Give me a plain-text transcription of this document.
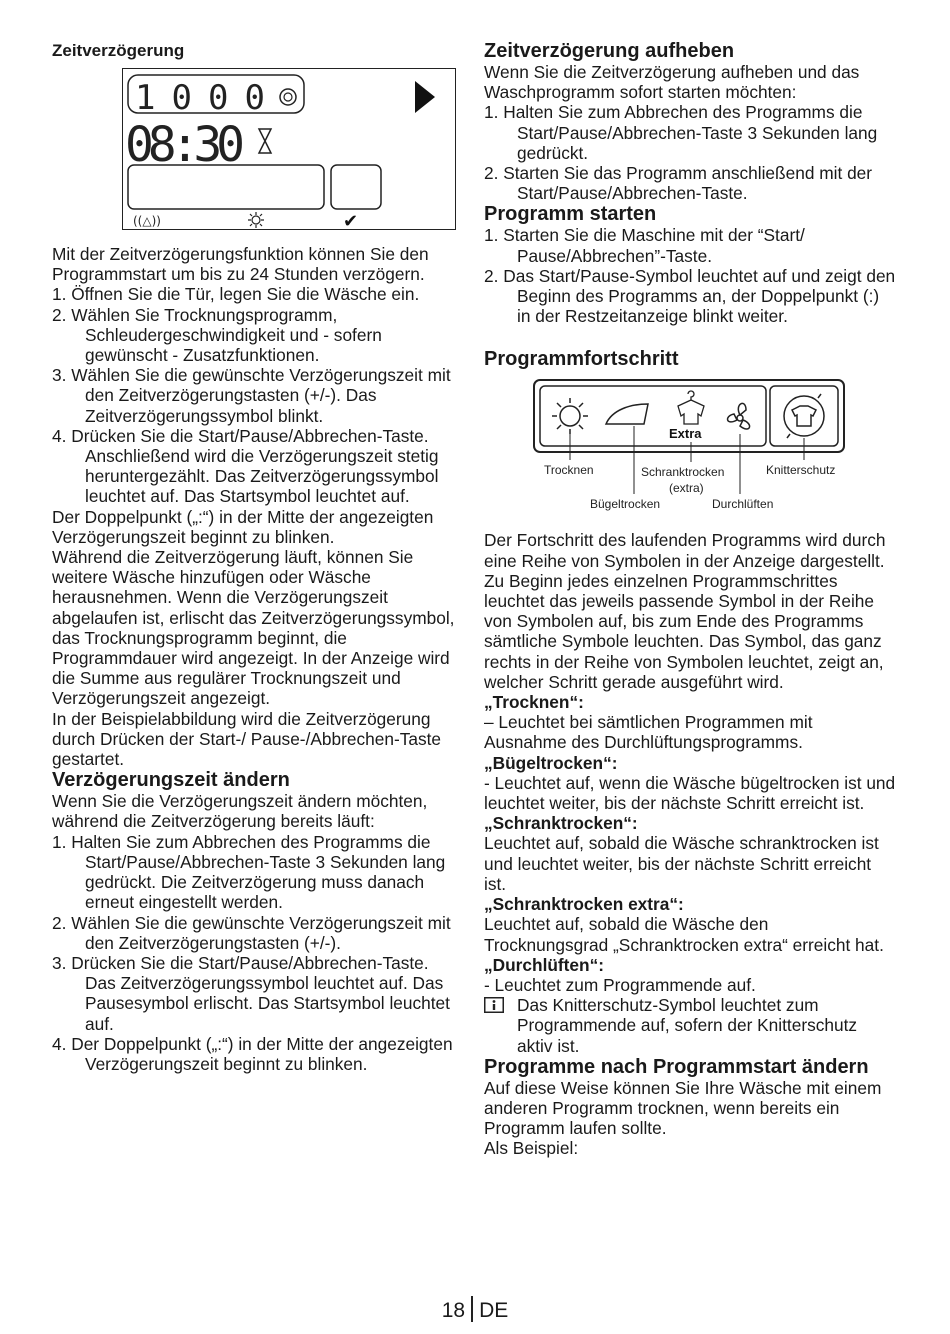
Zeitverzögerung
1000
08:30
((△))	✔

Mit der Zeitverzögerungsfunktion können Sie den Programmstart um bis zu 24 Stunden verzögern.

1. Öffnen Sie die Tür, legen Sie die Wäsche ein.

2. Wählen Sie Trocknungsprogramm, Schleudergeschwindigkeit und - sofern gewünscht - Zusatzfunktionen.

3. Wählen Sie die gewünschte Verzögerungszeit mit den Zeitverzögerungstasten (+/-). Das Zeitverzögerungssymbol blinkt.

4. Drücken Sie die Start/Pause/Abbrechen-Taste. Anschließend wird die Verzögerungszeit stetig heruntergezählt. Das Zeitverzögerungssymbol leuchtet auf. Das Startsymbol leuchtet auf.

Der Doppelpunkt („:“) in der Mitte der angezeigten Verzögerungszeit beginnt zu blinken.

Während die Zeitverzögerung läuft, können Sie weitere Wäsche hinzufügen oder Wäsche herausnehmen. Wenn die Verzögerungszeit abgelaufen ist, erlischt das Zeitverzögerungssymbol, das Trocknungsprogramm beginnt, die Programmdauer wird angezeigt. In der Anzeige wird die Summe aus regulärer Trocknungszeit und Verzögerungszeit angezeigt.

In der Beispielabbildung wird die Zeitverzögerung durch Drücken der Start-/ Pause-/Abbrechen-Taste gestartet.

Verzögerungszeit ändern

Wenn Sie die Verzögerungszeit ändern möchten, während die Zeitverzögerung bereits läuft:

1. Halten Sie zum Abbrechen des Programms die Start/Pause/Abbrechen-Taste 3 Sekunden lang gedrückt. Die Zeitverzögerung muss danach erneut eingestellt werden.

2. Wählen Sie die gewünschte Verzögerungszeit mit den Zeitverzögerungstasten (+/-).

3. Drücken Sie die Start/Pause/Abbrechen-Taste. Das Zeitverzögerungssymbol leuchtet auf. Das Pausesymbol erlischt. Das Startsymbol leuchtet auf.

4. Der Doppelpunkt („:“) in der Mitte der angezeigten Verzögerungszeit beginnt zu blinken.

Zeitverzögerung aufheben

Wenn Sie die Zeitverzögerung aufheben und das Waschprogramm sofort starten möchten:

1. Halten Sie zum Abbrechen des Programms die Start/Pause/Abbrechen-Taste 3 Sekunden lang gedrückt.

2. Starten Sie das Programm anschließend mit der Start/Pause/Abbrechen-Taste.

Programm starten

1. Starten Sie die Maschine mit der “Start/ Pause/Abbrechen”-Taste.

2. Das Start/Pause-Symbol leuchtet auf und zeigt den Beginn des Programms an, der Doppelpunkt (:) in der Restzeitanzeige blinkt weiter.

Programmfortschritt
Extra
Trocknen	Schranktrocken
(extra)
Knitterschutz
Bügeltrocken	Durchlüften

Der Fortschritt des laufenden Programms wird durch eine Reihe von Symbolen in der Anzeige dargestellt.

Zu Beginn jedes einzelnen Programmschrittes leuchtet das jeweils passende Symbol in der Reihe von Symbolen auf, bis zum Ende des Programms sämtliche Symbole leuchten. Das Symbol, das ganz rechts in der Reihe von Symbolen leuchtet, zeigt an, welcher Schritt gerade ausgeführt wird.

„Trocknen“:

– Leuchtet bei sämtlichen Programmen mit Ausnahme des Durchlüftungsprogramms.

„Bügeltrocken“:

- Leuchtet auf, wenn die Wäsche bügeltrocken ist und leuchtet weiter, bis der nächste Schritt erreicht ist.

„Schranktrocken“:

Leuchtet auf, sobald die Wäsche schranktrocken ist und leuchtet weiter, bis der nächste Schritt erreicht ist.

„Schranktrocken extra“:

Leuchtet auf, sobald die Wäsche den Trocknungsgrad „Schranktrocken extra“ erreicht hat.

„Durchlüften“:

- Leuchtet zum Programmende auf.

Das Knitterschutz-Symbol leuchtet zum Programmende auf, sofern der Knitterschutz aktiv ist.

Programme nach Programmstart ändern

Auf diese Weise können Sie Ihre Wäsche mit einem anderen Programm trocknen, wenn bereits ein Programm laufen sollte.

Als Beispiel:

18 DE
